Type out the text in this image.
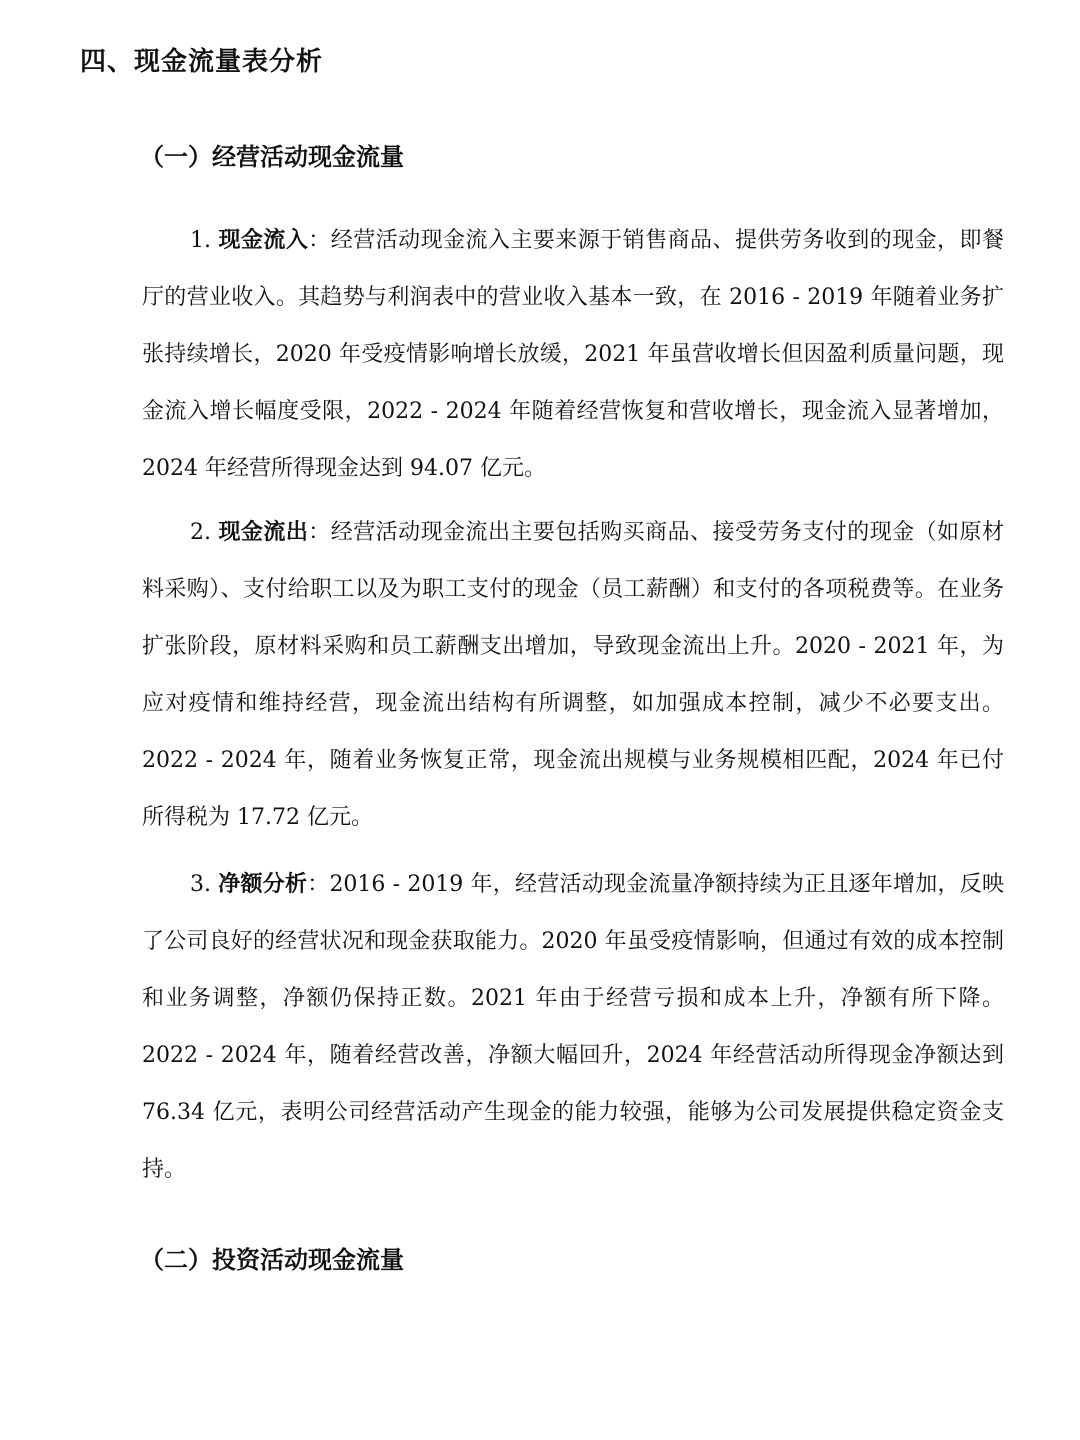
四、现金流量表分析
（一）经营活动现金流量

1. 现金流入：经营活动现金流入主要来源于销售商品、提供劳务收到的现金，即餐厅的营业收入。其趋势与利润表中的营业收入基本一致，在 2016 - 2019 年随着业务扩张持续增长，2020 年受疫情影响增长放缓，2021 年虽营收增长但因盈利质量问题，现金流入增长幅度受限，2022 - 2024 年随着经营恢复和营收增长，现金流入显著增加，2024 年经营所得现金达到 94.07 亿元。

2. 现金流出：经营活动现金流出主要包括购买商品、接受劳务支付的现金（如原材料采购）、支付给职工以及为职工支付的现金（员工薪酬）和支付的各项税费等。在业务扩张阶段，原材料采购和员工薪酬支出增加，导致现金流出上升。2020 - 2021 年，为应对疫情和维持经营，现金流出结构有所调整，如加强成本控制，减少不必要支出。2022 - 2024 年，随着业务恢复正常，现金流出规模与业务规模相匹配，2024 年已付所得税为 17.72 亿元。

3. 净额分析：2016 - 2019 年，经营活动现金流量净额持续为正且逐年增加，反映了公司良好的经营状况和现金获取能力。2020 年虽受疫情影响，但通过有效的成本控制和业务调整，净额仍保持正数。2021 年由于经营亏损和成本上升，净额有所下降。2022 - 2024 年，随着经营改善，净额大幅回升，2024 年经营活动所得现金净额达到 76.34 亿元，表明公司经营活动产生现金的能力较强，能够为公司发展提供稳定资金支持。

（二）投资活动现金流量
